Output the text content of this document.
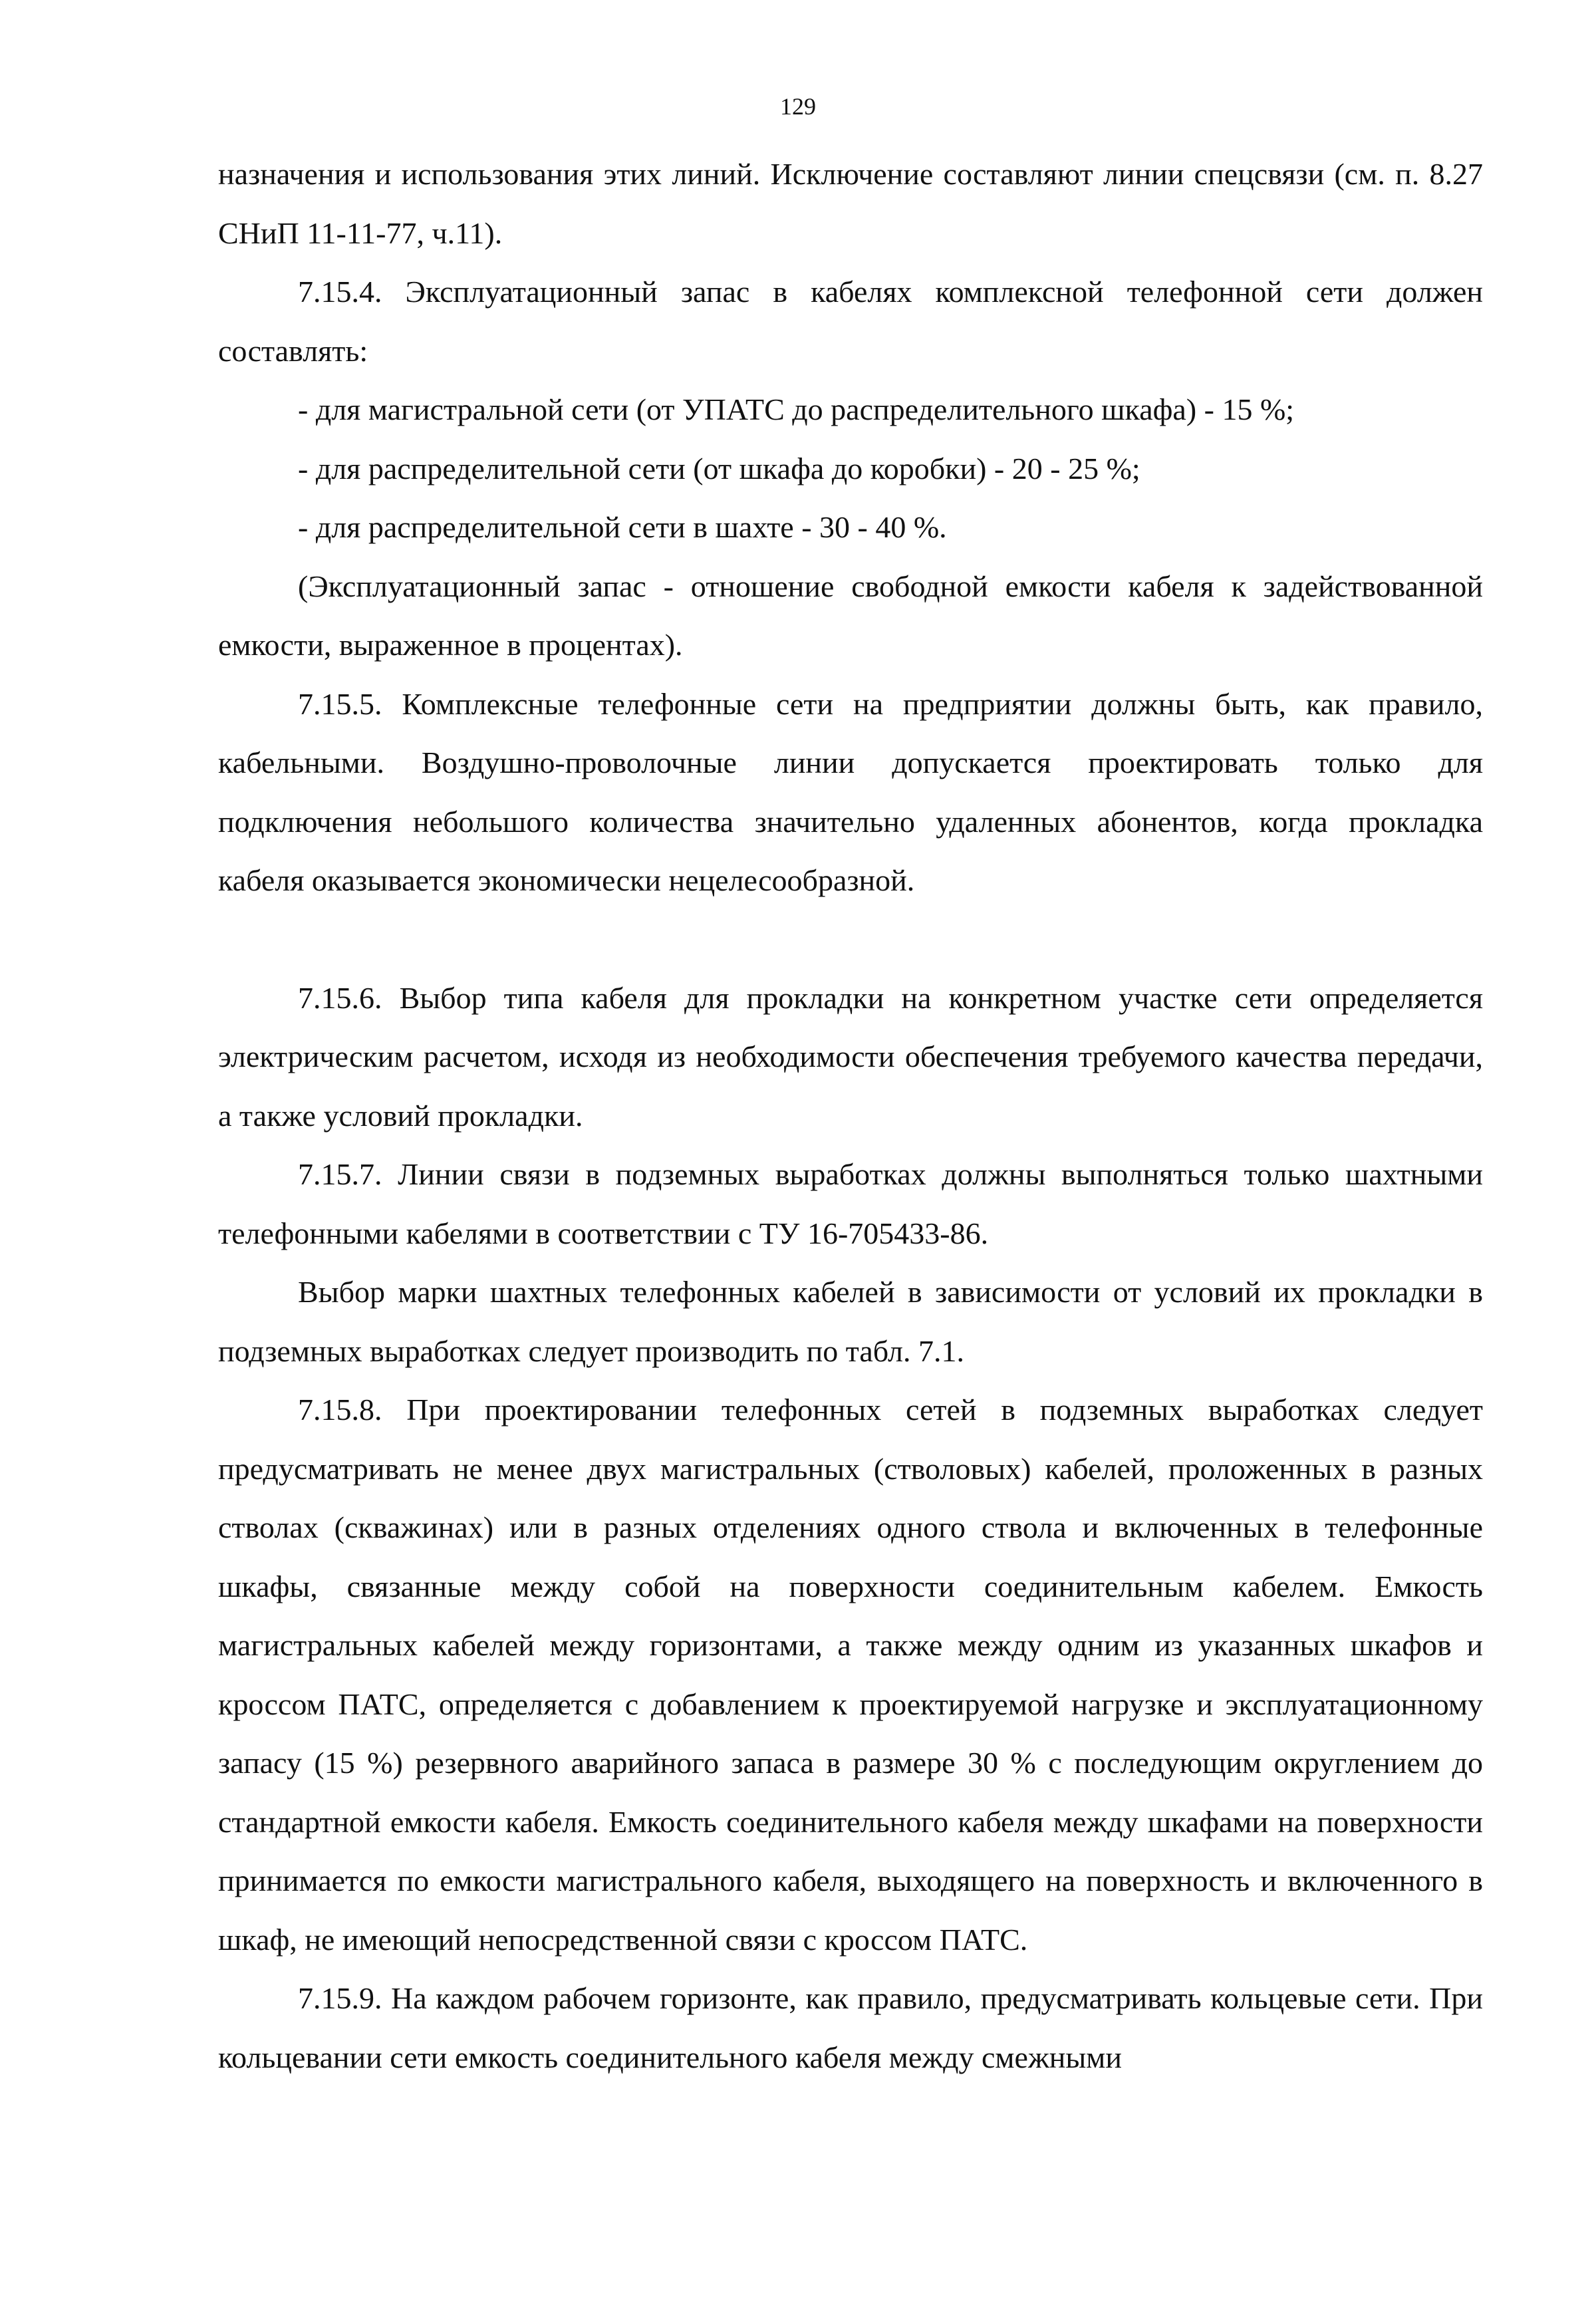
129

назначения и использования этих линий. Исключение составляют линии спецсвязи (см. п. 8.27 СНиП 11-11-77, ч.11).

7.15.4. Эксплуатационный запас в кабелях комплексной телефонной сети должен составлять:

- для магистральной сети (от УПАТС до распределительного шкафа) - 15 %;

- для распределительной сети (от шкафа до коробки) - 20 - 25 %;

- для распределительной сети в шахте - 30 - 40 %.

(Эксплуатационный запас - отношение свободной емкости кабеля к задействованной емкости, выраженное в процентах).

7.15.5. Комплексные телефонные сети на предприятии должны быть, как правило, кабельными. Воздушно-проволочные линии допускается проектировать только для подключения небольшого количества значительно удаленных абонентов, когда прокладка кабеля оказывается экономически нецелесообразной.

7.15.6. Выбор типа кабеля для прокладки на конкретном участке сети определяется электрическим расчетом, исходя из необходимости обеспечения требуемого качества передачи, а также условий прокладки.

7.15.7. Линии связи в подземных выработках должны выполняться только шахтными телефонными кабелями в соответствии с ТУ 16-705433-86.

Выбор марки шахтных телефонных кабелей в зависимости от условий их прокладки в подземных выработках следует производить по табл. 7.1.

7.15.8. При проектировании телефонных сетей в подземных выработках следует предусматривать не менее двух магистральных (стволовых) кабелей, проложенных в разных стволах (скважинах) или в разных отделениях одного ствола и включенных в телефонные шкафы, связанные между собой на поверхности соединительным кабелем. Емкость магистральных кабелей между горизонтами, а также между одним из указанных шкафов и кроссом ПАТС, определяется с добавлением к проектируемой нагрузке и эксплуатационному запасу (15 %) резервного аварийного запаса в размере 30 % с последующим округлением до стандартной емкости кабеля. Емкость соединительного кабеля между шкафами на поверхности принимается по емкости магистрального кабеля, выходящего на поверхность и включенного в шкаф, не имеющий непосредственной связи с кроссом ПАТС.

7.15.9. На каждом рабочем горизонте, как правило, предусматривать кольцевые сети. При кольцевании сети емкость соединительного кабеля между смежными
